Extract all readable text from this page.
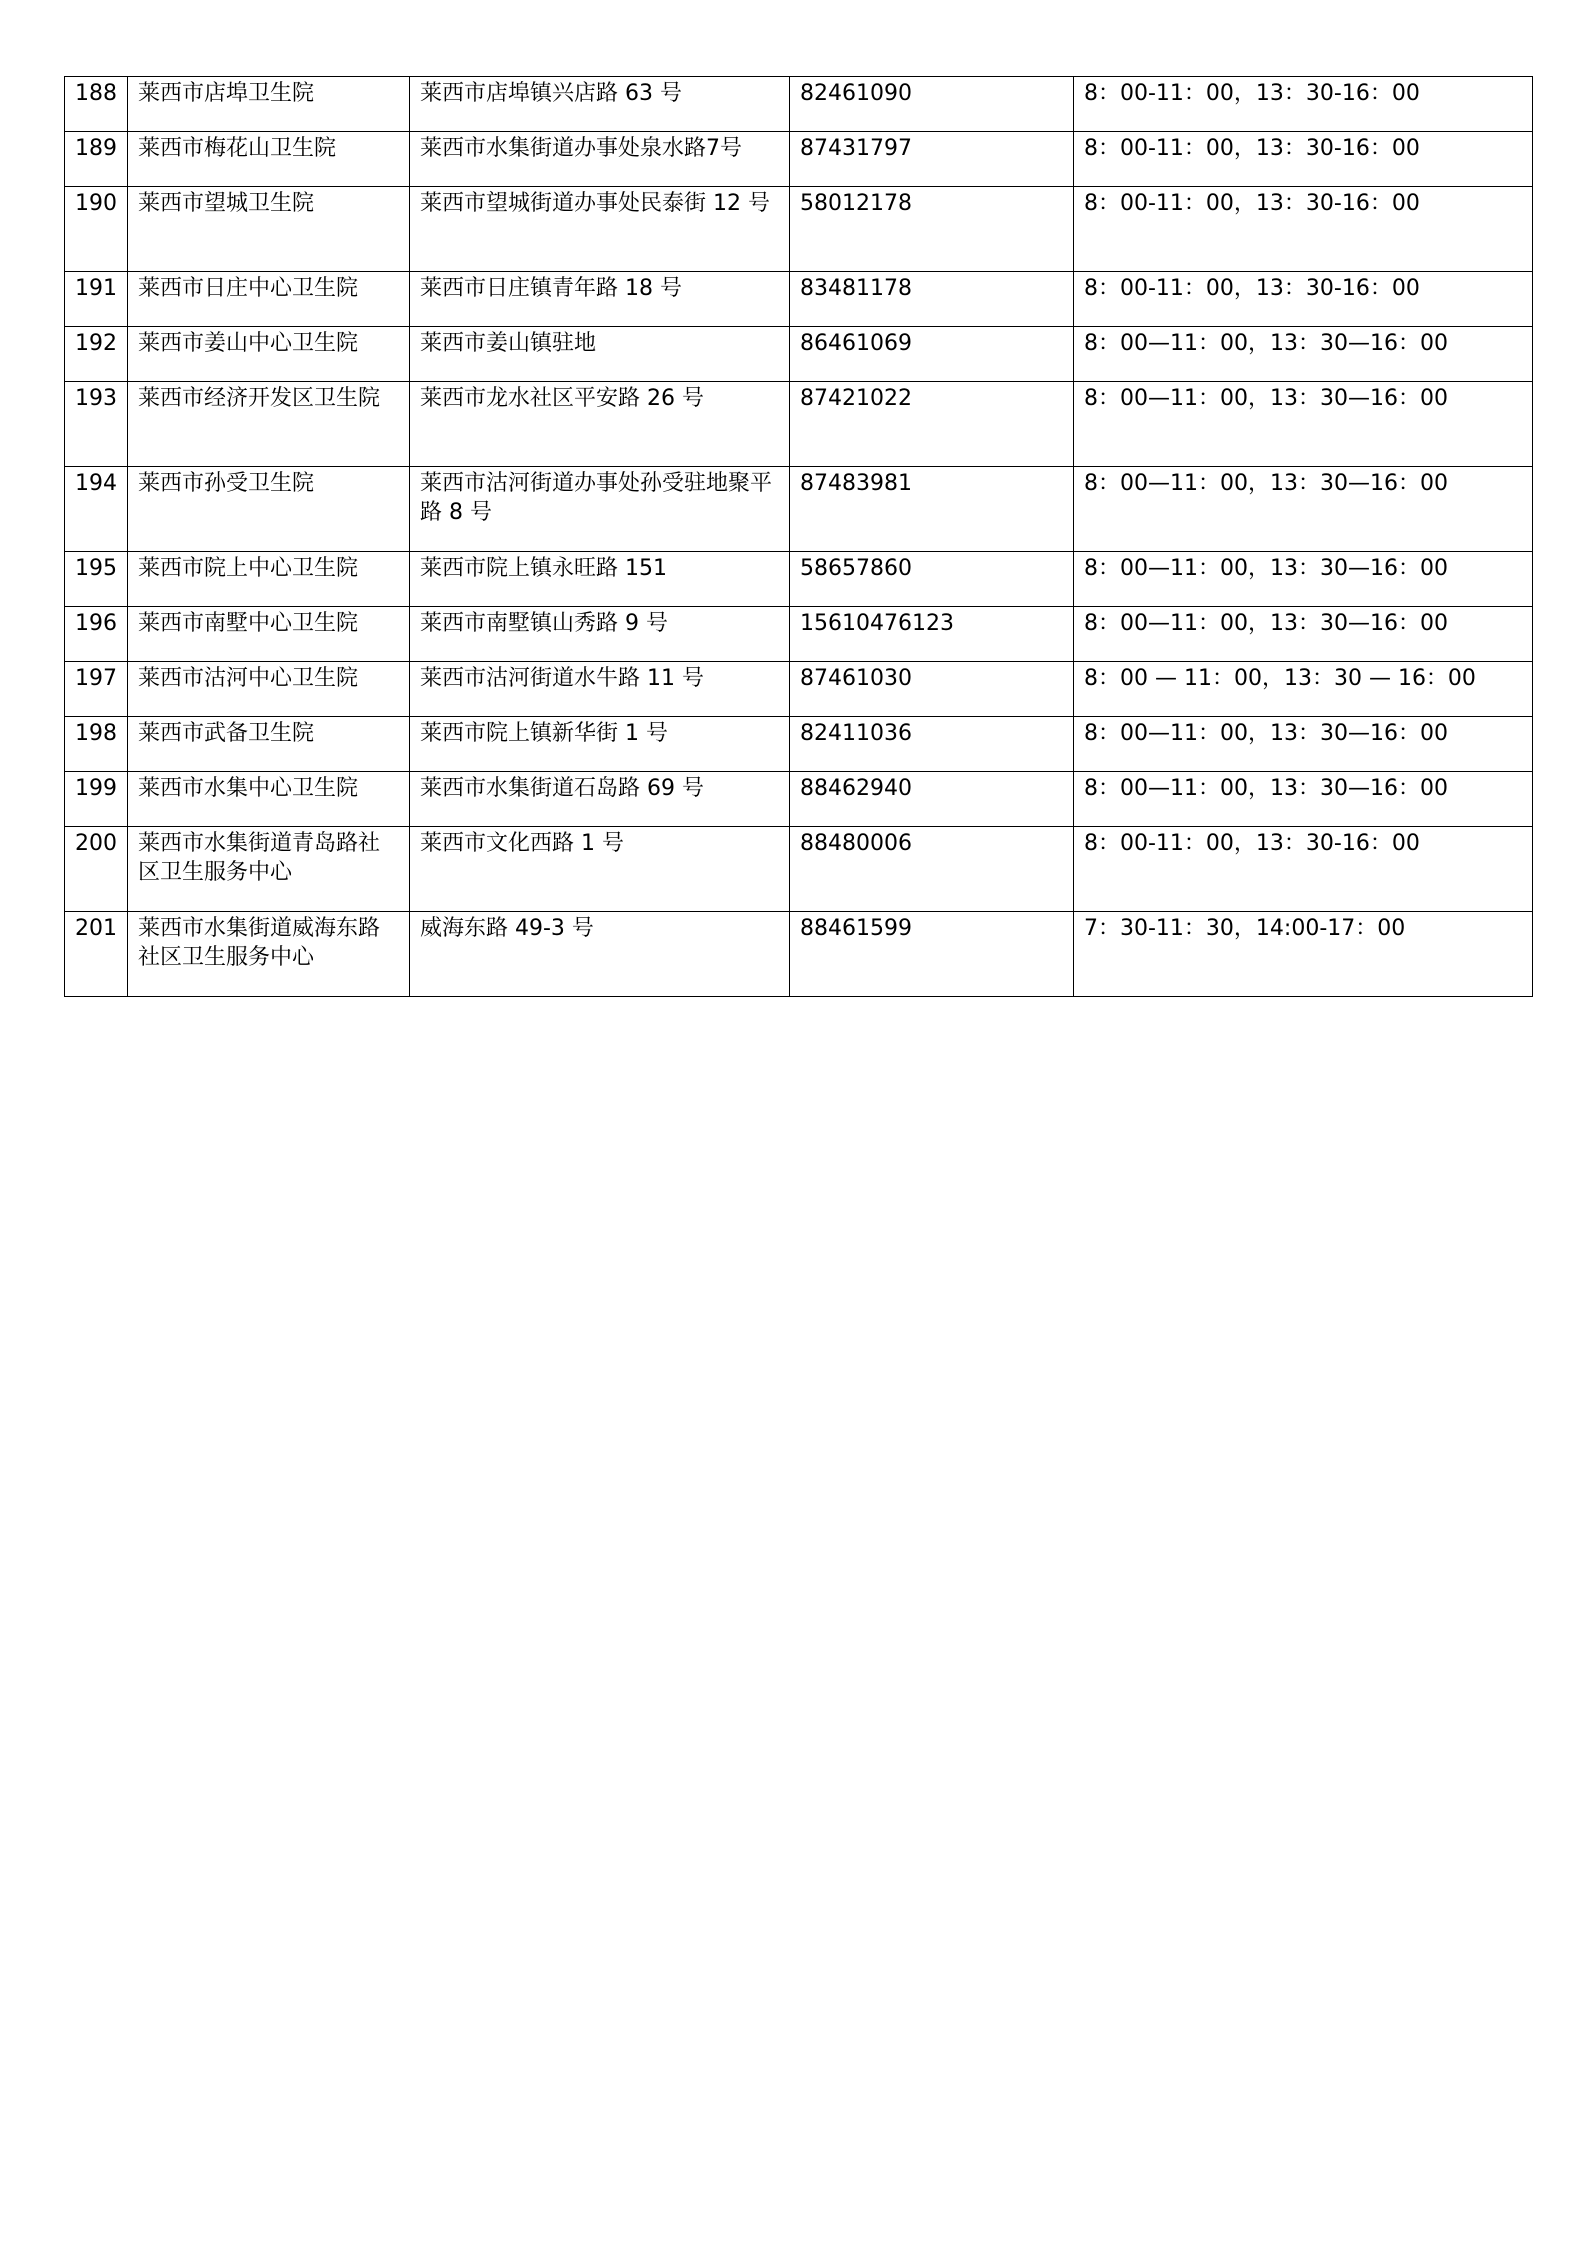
188	莱西市店埠卫生院	莱西市店埠镇兴店路 63 号	82461090	8：00-11：00，13：30-16：00
189	莱西市梅花山卫生院	莱西市水集街道办事处泉水路7号	87431797	8：00-11：00，13：30-16：00
190	莱西市望城卫生院	莱西市望城街道办事处民泰街 12 号	58012178	8：00-11：00，13：30-16：00
191	莱西市日庄中心卫生院	莱西市日庄镇青年路 18 号	83481178	8：00-11：00，13：30-16：00
192	莱西市姜山中心卫生院	莱西市姜山镇驻地	86461069	8：00—11：00，13：30—16：00
193	莱西市经济开发区卫生院	莱西市龙水社区平安路 26 号	87421022	8：00—11：00，13：30—16：00
194	莱西市孙受卫生院	莱西市沽河街道办事处孙受驻地聚平路 8 号	87483981	8：00—11：00，13：30—16：00
195	莱西市院上中心卫生院	莱西市院上镇永旺路 151	58657860	8：00—11：00，13：30—16：00
196	莱西市南墅中心卫生院	莱西市南墅镇山秀路 9 号	15610476123	8：00—11：00，13：30—16：00
197	莱西市沽河中心卫生院	莱西市沽河街道水牛路 11 号	87461030	8：00 — 11：00，13：30 — 16：00
198	莱西市武备卫生院	莱西市院上镇新华街 1 号	82411036	8：00—11：00，13：30—16：00
199	莱西市水集中心卫生院	莱西市水集街道石岛路 69 号	88462940	8：00—11：00，13：30—16：00
200	莱西市水集街道青岛路社区卫生服务中心	莱西市文化西路 1 号	88480006	8：00-11：00，13：30-16：00
201	莱西市水集街道威海东路社区卫生服务中心	威海东路 49-3 号	88461599	7：30-11：30，14:00-17：00
